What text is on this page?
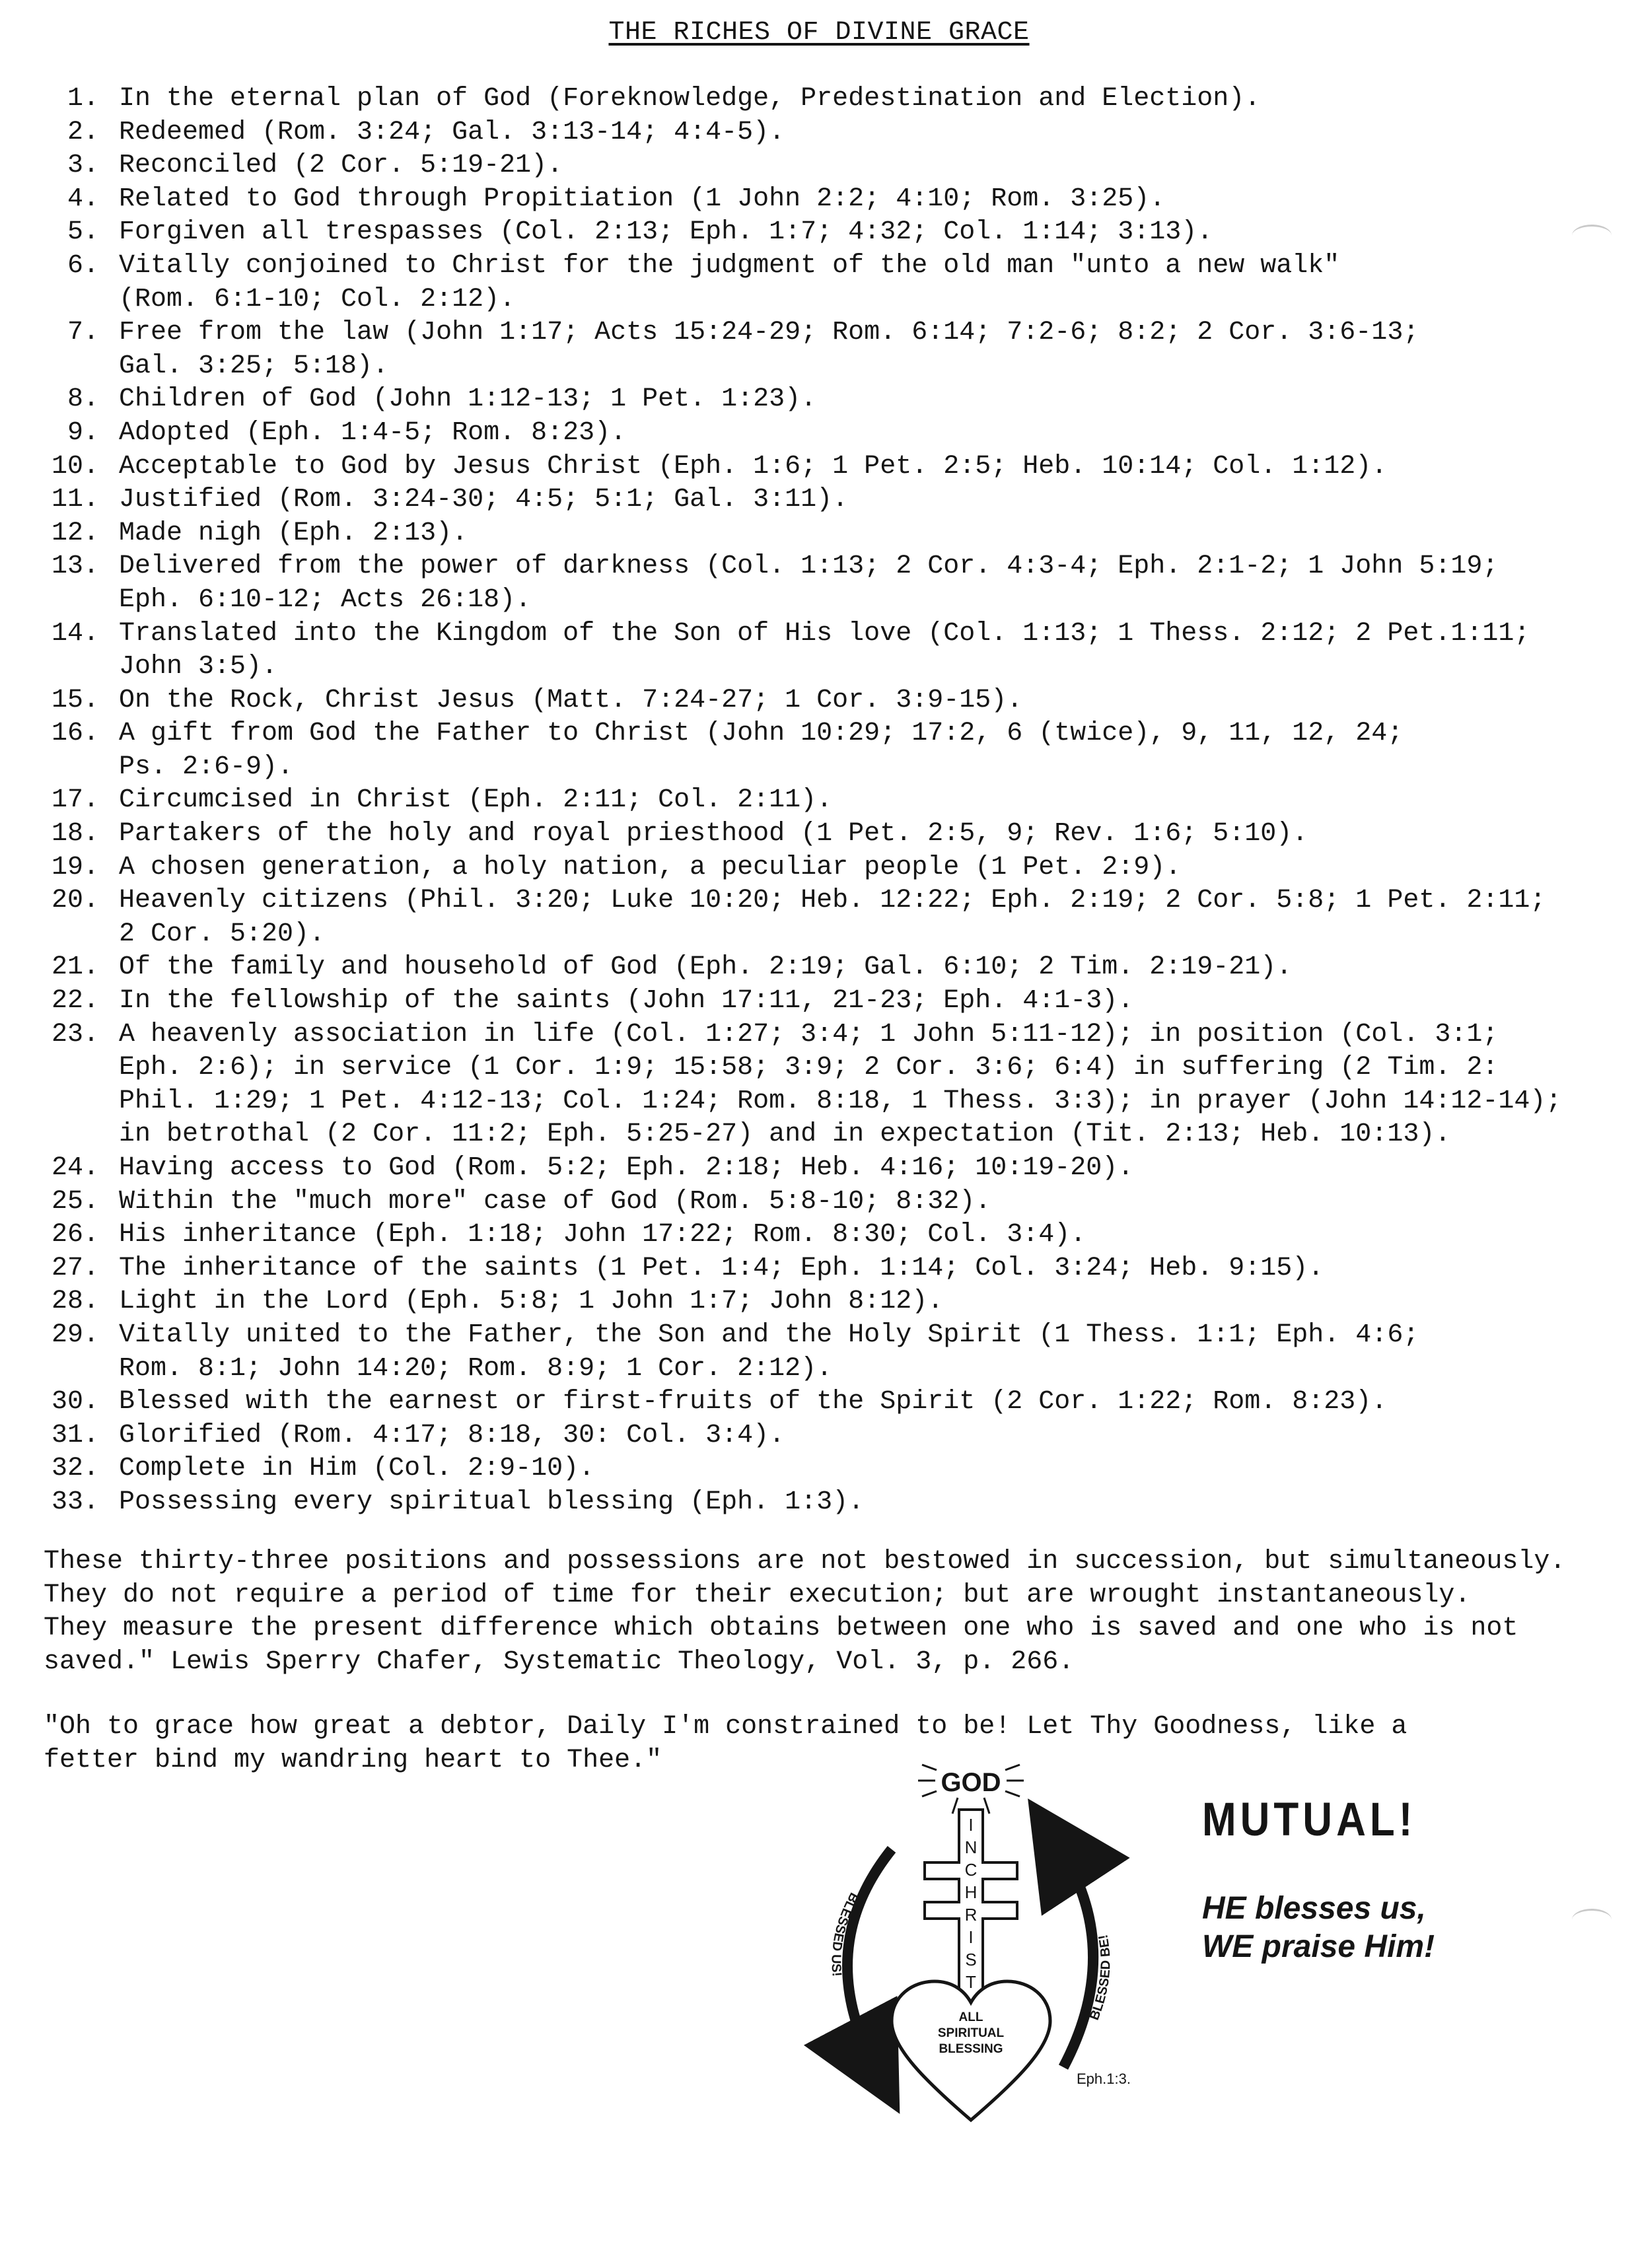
THE RICHES OF DIVINE GRACE
1. In the eternal plan of God (Foreknowledge, Predestination and Election).
2. Redeemed (Rom. 3:24; Gal. 3:13-14; 4:4-5).
3. Reconciled (2 Cor. 5:19-21).
4. Related to God through Propitiation (1 John 2:2; 4:10; Rom. 3:25).
5. Forgiven all trespasses (Col. 2:13; Eph. 1:7; 4:32; Col. 1:14; 3:13).
6. Vitally conjoined to Christ for the judgment of the old man "unto a new walk"
(Rom. 6:1-10; Col. 2:12).
7. Free from the law (John 1:17; Acts 15:24-29; Rom. 6:14; 7:2-6; 8:2; 2 Cor. 3:6-13;
Gal. 3:25; 5:18).
8. Children of God (John 1:12-13; 1 Pet. 1:23).
9. Adopted (Eph. 1:4-5; Rom. 8:23).
10. Acceptable to God by Jesus Christ (Eph. 1:6; 1 Pet. 2:5; Heb. 10:14; Col. 1:12).
11. Justified (Rom. 3:24-30; 4:5; 5:1; Gal. 3:11).
12. Made nigh (Eph. 2:13).
13. Delivered from the power of darkness (Col. 1:13; 2 Cor. 4:3-4; Eph. 2:1-2; 1 John 5:19;
Eph. 6:10-12; Acts 26:18).
14. Translated into the Kingdom of the Son of His love (Col. 1:13; 1 Thess. 2:12; 2 Pet.1:11;
John 3:5).
15. On the Rock, Christ Jesus (Matt. 7:24-27; 1 Cor. 3:9-15).
16. A gift from God the Father to Christ (John 10:29; 17:2, 6 (twice), 9, 11, 12, 24;
Ps. 2:6-9).
17. Circumcised in Christ (Eph. 2:11; Col. 2:11).
18. Partakers of the holy and royal priesthood (1 Pet. 2:5, 9; Rev. 1:6; 5:10).
19. A chosen generation, a holy nation, a peculiar people (1 Pet. 2:9).
20. Heavenly citizens (Phil. 3:20; Luke 10:20; Heb. 12:22; Eph. 2:19; 2 Cor. 5:8; 1 Pet. 2:11;
2 Cor. 5:20).
21. Of the family and household of God (Eph. 2:19; Gal. 6:10; 2 Tim. 2:19-21).
22. In the fellowship of the saints (John 17:11, 21-23; Eph. 4:1-3).
23. A heavenly association in life (Col. 1:27; 3:4; 1 John 5:11-12); in position (Col. 3:1;
Eph. 2:6); in service (1 Cor. 1:9; 15:58; 3:9; 2 Cor. 3:6; 6:4) in suffering (2 Tim. 2:
Phil. 1:29; 1 Pet. 4:12-13; Col. 1:24; Rom. 8:18, 1 Thess. 3:3); in prayer (John 14:12-14);
in betrothal (2 Cor. 11:2; Eph. 5:25-27) and in expectation (Tit. 2:13; Heb. 10:13).
24. Having access to God (Rom. 5:2; Eph. 2:18; Heb. 4:16; 10:19-20).
25. Within the "much more" case of God (Rom. 5:8-10; 8:32).
26. His inheritance (Eph. 1:18; John 17:22; Rom. 8:30; Col. 3:4).
27. The inheritance of the saints (1 Pet. 1:4; Eph. 1:14; Col. 3:24; Heb. 9:15).
28. Light in the Lord (Eph. 5:8; 1 John 1:7; John 8:12).
29. Vitally united to the Father, the Son and the Holy Spirit (1 Thess. 1:1; Eph. 4:6;
Rom. 8:1; John 14:20; Rom. 8:9; 1 Cor. 2:12).
30. Blessed with the earnest or first-fruits of the Spirit (2 Cor. 1:22; Rom. 8:23).
31. Glorified (Rom. 4:17; 8:18, 30: Col. 3:4).
32. Complete in Him (Col. 2:9-10).
33. Possessing every spiritual blessing (Eph. 1:3).
These thirty-three positions and possessions are not bestowed in succession, but simultaneously.
They do not require a period of time for their execution; but are wrought instantaneously.
They measure the present difference which obtains between one who is saved and one who is not
saved." Lewis Sperry Chafer, Systematic Theology, Vol. 3, p. 266.
"Oh to grace how great a debtor, Daily I'm constrained to be! Let Thy Goodness, like a
fetter bind my wandring heart to Thee."
GOD
I
N
C
H
R
I
S
T
BLESSED US!
BLESSED BE!
ALL
SPIRITUAL
BLESSING
Eph.1:3.
MUTUAL!
HE blesses us,
WE praise Him!
